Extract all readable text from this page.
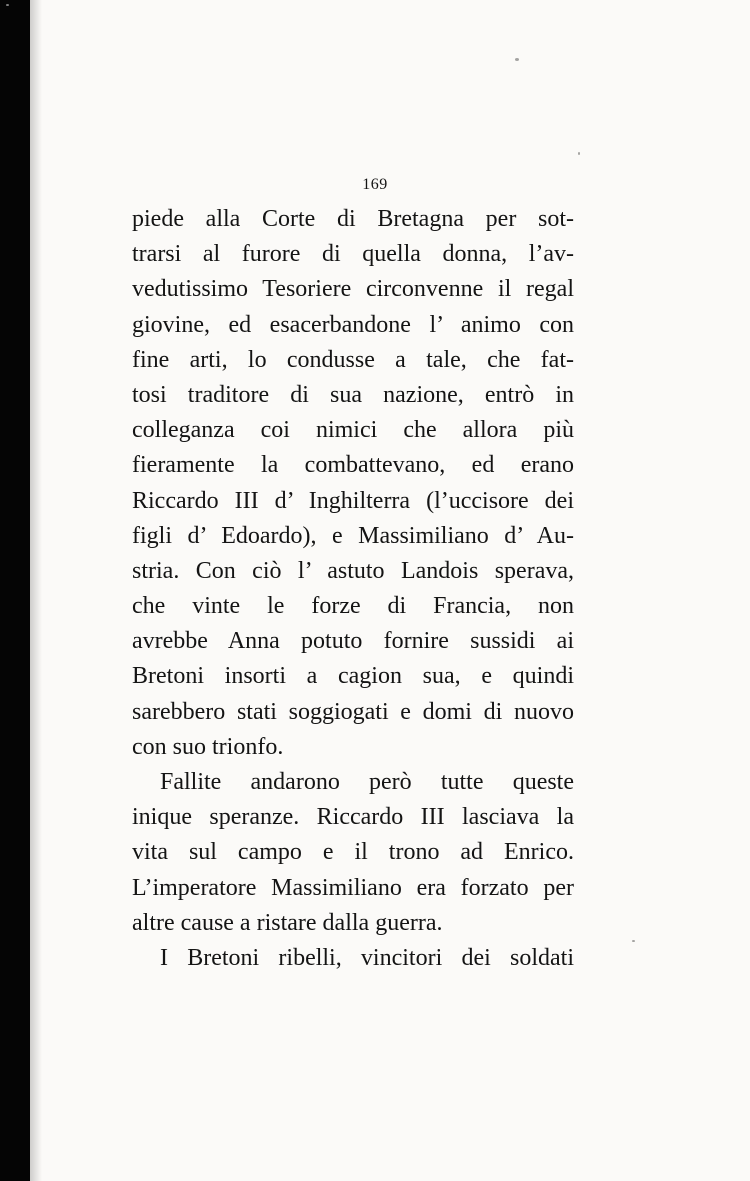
169
piede alla Corte di Bretagna per sot-
trarsi al furore di quella donna, l’av-
vedutissimo Tesoriere circonvenne il regal
giovine, ed esacerbandone l’ animo con
fine arti, lo condusse a tale, che fat-
tosi traditore di sua nazione, entrò in
colleganza coi nimici che allora più
fieramente la combattevano, ed erano
Riccardo III d’ Inghilterra (l’uccisore dei
figli d’ Edoardo), e Massimiliano d’ Au-
stria. Con ciò l’ astuto Landois sperava,
che vinte le forze di Francia, non
avrebbe Anna potuto fornire sussidi ai
Bretoni insorti a cagion sua, e quindi
sarebbero stati soggiogati e domi di nuovo
con suo trionfo.
Fallite andarono però tutte queste
inique speranze. Riccardo III lasciava la
vita sul campo e il trono ad Enrico.
L’imperatore Massimiliano era forzato per
altre cause a ristare dalla guerra.
I Bretoni ribelli, vincitori dei soldati
